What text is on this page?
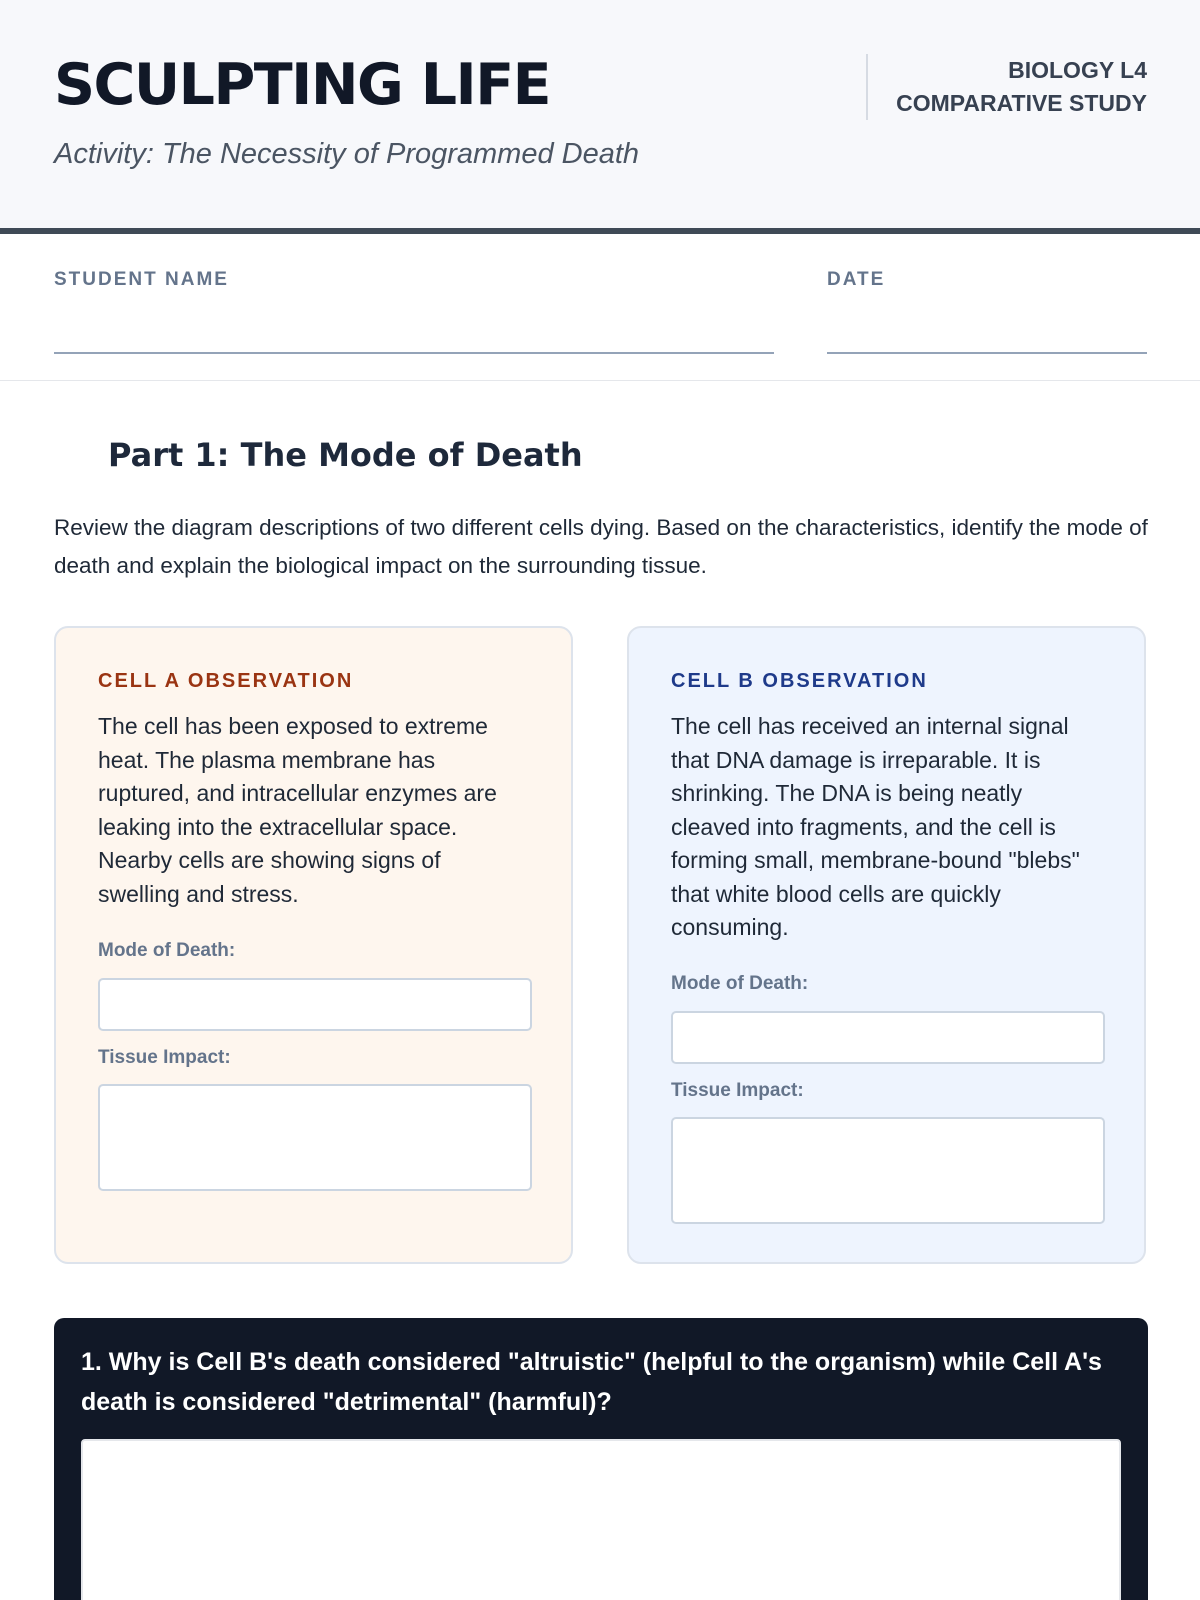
SCULPTING LIFE
Activity: The Necessity of Programmed Death
BIOLOGY L4
COMPARATIVE STUDY
STUDENT NAME	DATE
Part 1: The Mode of Death
Review the diagram descriptions of two different cells dying. Based on the characteristics, identify the mode of death and explain the biological impact on the surrounding tissue.
CELL A OBSERVATION
The cell has been exposed to extreme heat. The plasma membrane has ruptured, and intracellular enzymes are leaking into the extracellular space. Nearby cells are showing signs of swelling and stress.
Mode of Death:
Tissue Impact:
CELL B OBSERVATION
The cell has received an internal signal that DNA damage is irreparable. It is shrinking. The DNA is being neatly cleaved into fragments, and the cell is forming small, membrane-bound "blebs" that white blood cells are quickly consuming.
Mode of Death:
Tissue Impact:
1. Why is Cell B's death considered "altruistic" (helpful to the organism) while Cell A's death is considered "detrimental" (harmful)?
